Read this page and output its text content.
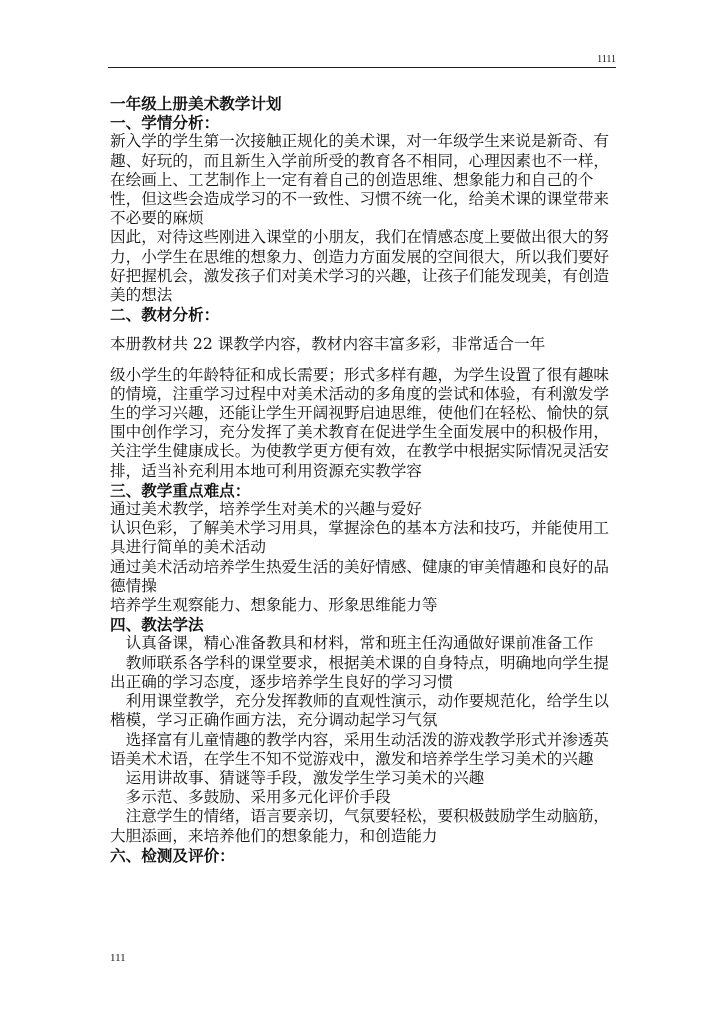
1111

一年级上册美术教学计划

一、学情分析：

新入学的学生第一次接触正规化的美术课，对一年级学生来说是新奇、有趣、好玩的，而且新生入学前所受的教育各不相同，心理因素也不一样，在绘画上、工艺制作上一定有着自己的创造思维、想象能力和自己的个性，但这些会造成学习的不一致性、习惯不统一化，给美术课的课堂带来不必要的麻烦

因此，对待这些刚进入课堂的小朋友，我们在情感态度上要做出很大的努力，小学生在思维的想象力、创造力方面发展的空间很大，所以我们要好好把握机会，激发孩子们对美术学习的兴趣，让孩子们能发现美，有创造美的想法

二、教材分析：

本册教材共 22 课教学内容，教材内容丰富多彩，非常适合一年

级小学生的年龄特征和成长需要；形式多样有趣，为学生设置了很有趣味的情境，注重学习过程中对美术活动的多角度的尝试和体验，有利激发学生的学习兴趣，还能让学生开阔视野启迪思维，使他们在轻松、愉快的氛围中创作学习，充分发挥了美术教育在促进学生全面发展中的积极作用，关注学生健康成长。为使教学更方便有效，在教学中根据实际情况灵活安排，适当补充利用本地可利用资源充实教学容

三、教学重点难点：

通过美术教学，培养学生对美术的兴趣与爱好

认识色彩，了解美术学习用具，掌握涂色的基本方法和技巧，并能使用工具进行简单的美术活动

通过美术活动培养学生热爱生活的美好情感、健康的审美情趣和良好的品德情操

培养学生观察能力、想象能力、形象思维能力等

四、教法学法

认真备课，精心准备教具和材料，常和班主任沟通做好课前准备工作

教师联系各学科的课堂要求，根据美术课的自身特点，明确地向学生提出正确的学习态度，逐步培养学生良好的学习习惯

利用课堂教学，充分发挥教师的直观性演示，动作要规范化，给学生以楷模，学习正确作画方法，充分调动起学习气氛

选择富有儿童情趣的教学内容，采用生动活泼的游戏教学形式并渗透英语美术术语，在学生不知不觉游戏中，激发和培养学生学习美术的兴趣

运用讲故事、猜谜等手段，激发学生学习美术的兴趣

多示范、多鼓励、采用多元化评价手段

注意学生的情绪，语言要亲切，气氛要轻松，要积极鼓励学生动脑筋，大胆添画，来培养他们的想象能力，和创造能力

六、检测及评价：

111
